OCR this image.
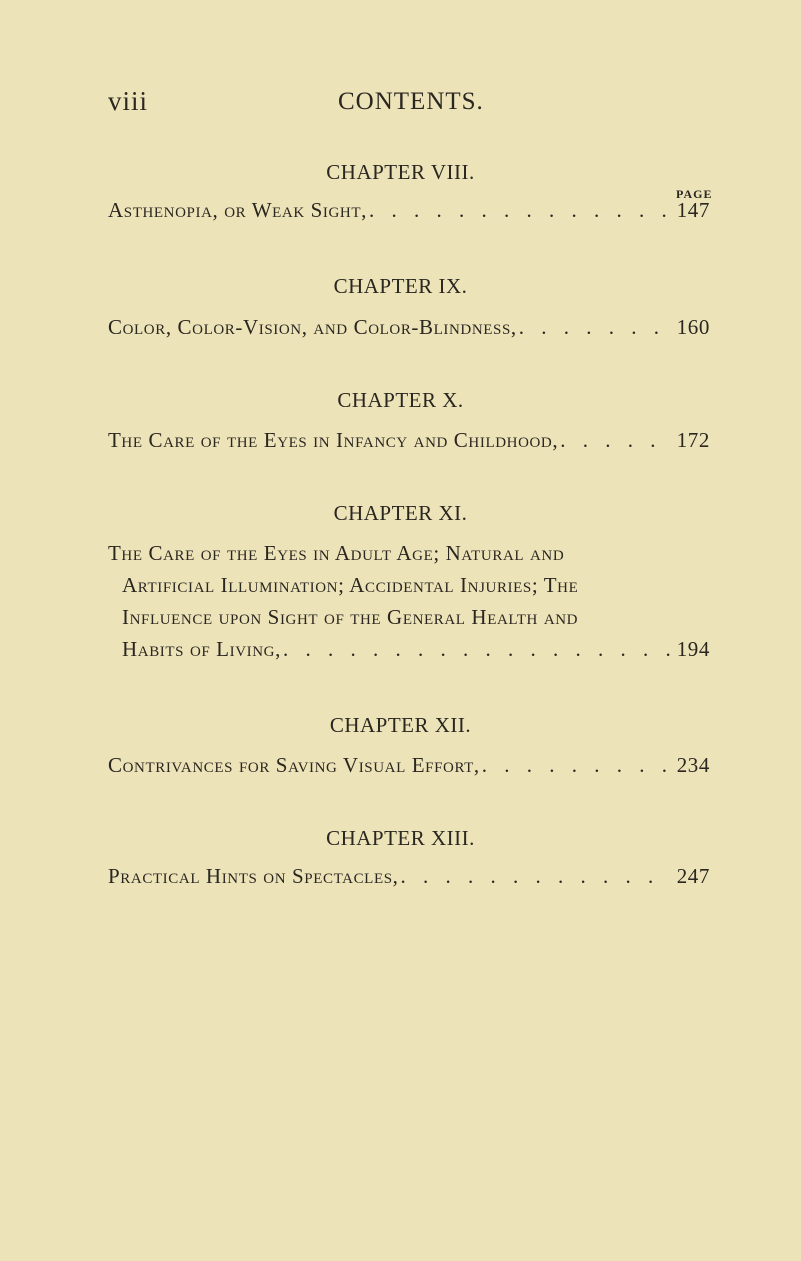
viii	CONTENTS.
CHAPTER VIII.
PAGE
Asthenopia, or Weak Sight, . . .	147
CHAPTER IX.
Color, Color-Vision, and Color-Blindness, . . .	160
CHAPTER X.
The Care of the Eyes in Infancy and Childhood, . . .	172
CHAPTER XI.
The Care of the Eyes in Adult Age; Natural and
Artificial Illumination; Accidental Injuries; The
Influence upon Sight of the General Health and
Habits of Living, . . .	194
CHAPTER XII.
Contrivances for Saving Visual Effort, . . .	234
CHAPTER XIII.
Practical Hints on Spectacles, . . .	247
